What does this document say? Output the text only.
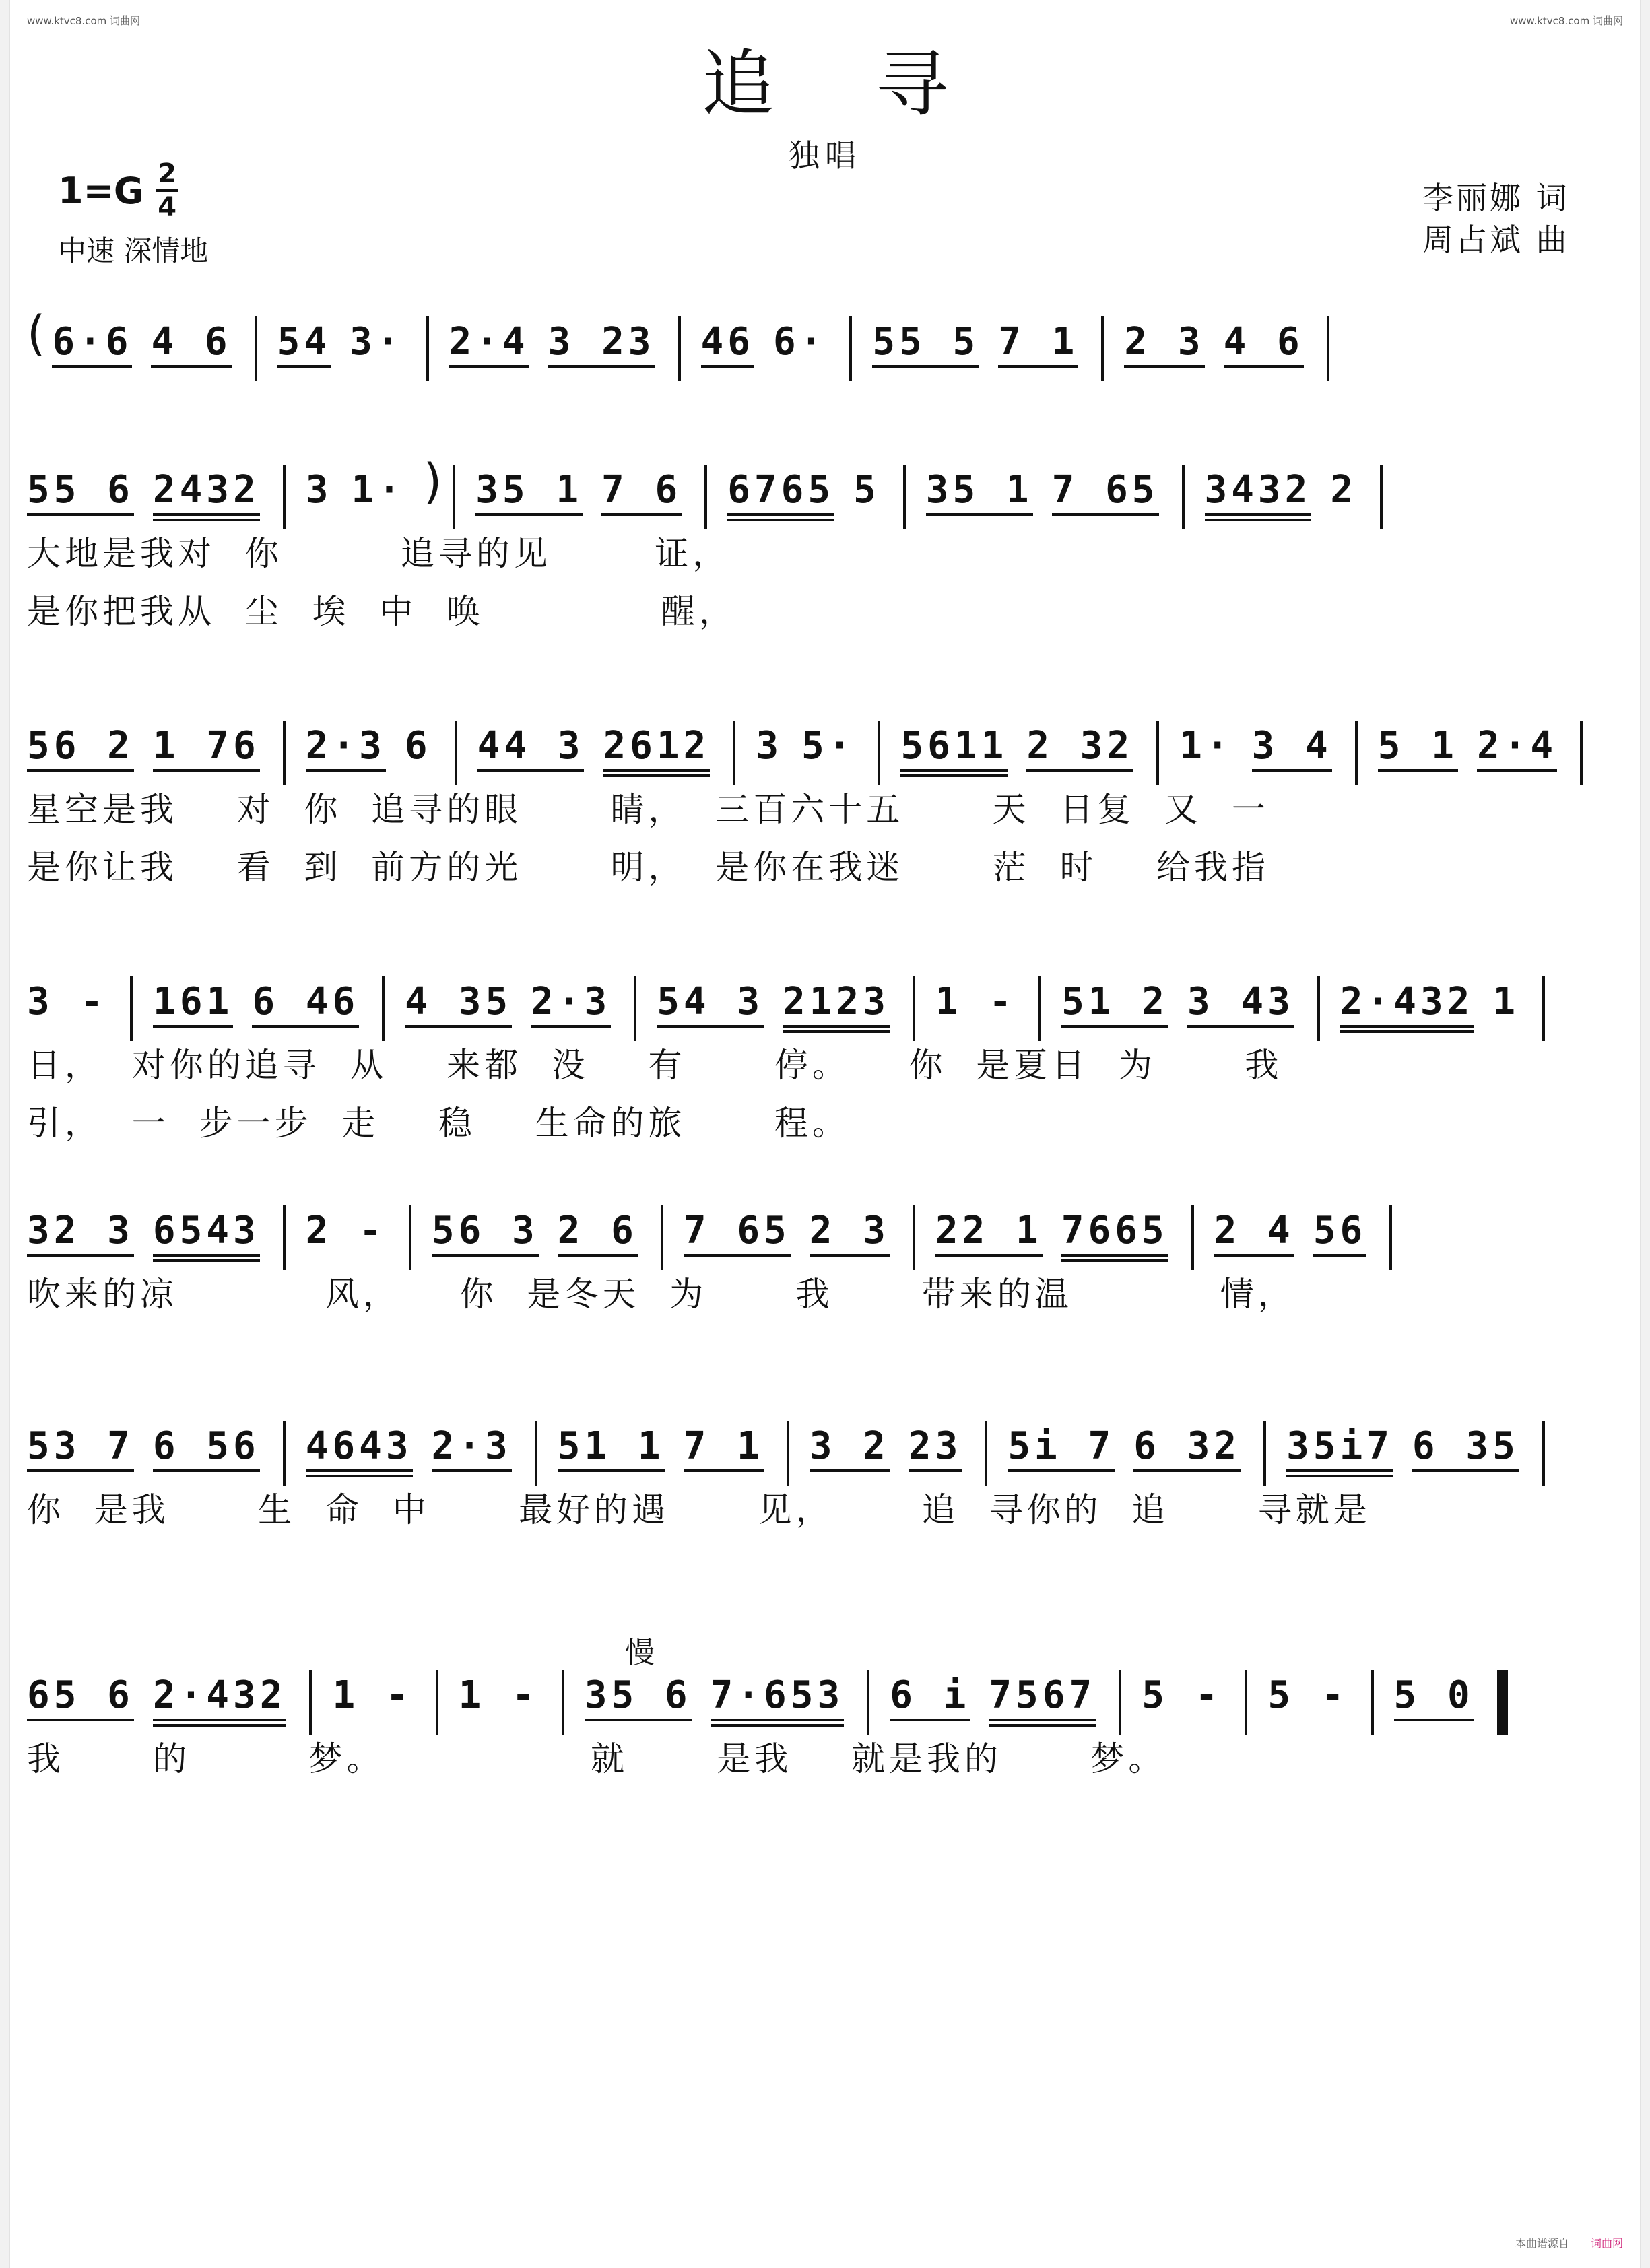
www.ktvc8.com 词曲网	www.ktvc8.com 词曲网
追寻
独唱
$1=G \frac{2}{4}$
中速 深情地
李丽娜 词
周占斌 曲
( 6·6 4 6 54 3· 2·4 3 23 46 6· 55 5 7 1 2 3 4 6
55 6 2432 3 1· ) 35 1 7 6 6765 5 35 1 7 65 3432 2
大地是我对  你        追寻的见       证，
是你把我从  尘  埃  中  唤            醒，
56 2 1 76 2·3 6 44 3 2612 3 5· 5611 2 32 1· 3 4 5 1 2·4
星空是我    对  你  追寻的眼      睛，  三百六十五      天  日复  又  一
是你让我    看  到  前方的光      明，  是你在我迷      茫  时    给我指
3 - 161 6 46 4 35 2·3 54 3 2123 1 - 51 2 3 43 2·432 1
日，  对你的追寻  从    来都  没    有      停。    你  是夏日  为      我
引，  一  步一步  走    稳    生命的旅      程。
32 3 6543 2 - 56 3 2 6 7 65 2 3 22 1 7665 2 4 56
吹来的凉          风，    你  是冬天  为      我      带来的温          情，
53 7 6 56 4643 2·3 51 1 7 1 3 2 23 5i 7 6 32 35i7 6 35
你  是我      生  命  中      最好的遇      见，      追  寻你的  追      寻就是
65 6 2·432 1 - 1 - 35 6 7·653 6 i 7567 5 - 5 - 5 0
我      的        梦。              就      是我    就是我的      梦。
慢
本曲谱源自 词曲网
